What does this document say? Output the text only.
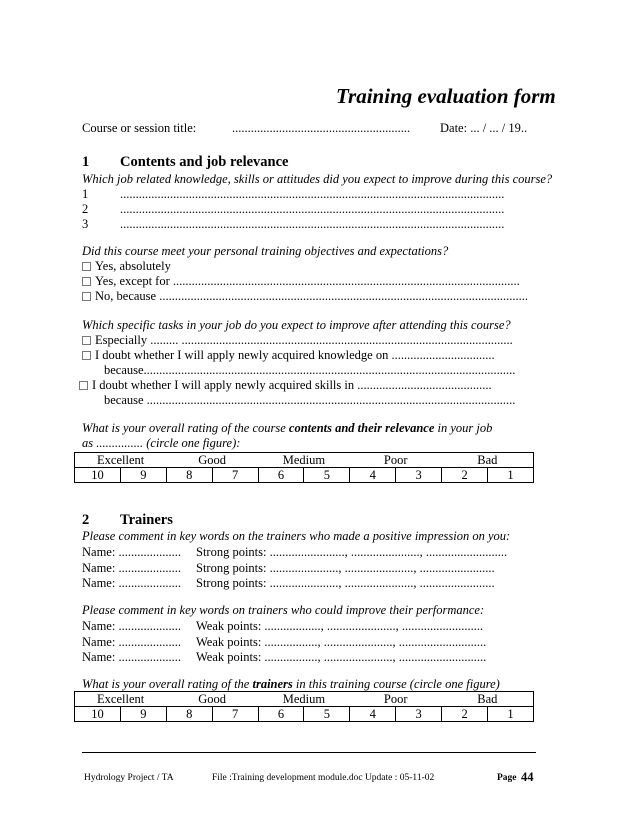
Training evaluation form
Course or session title:	......................................................... Date: ... / ... / 19..
1 Contents and job relevance
Which job related knowledge, skills or attitudes did you expect to improve during this course?
1	...........................................................................................................................
2	...........................................................................................................................
3	...........................................................................................................................
Did this course meet your personal training objectives and expectations?
Yes, absolutely
Yes, except for ...............................................................................................................
No, because ......................................................................................................................
Which specific tasks in your job do you expect to improve after attending this course?
Especially ......... ..........................................................................................................
I doubt whether I will apply newly acquired knowledge on .................................
because.......................................................................................................................
I doubt whether I will apply newly acquired skills in ...........................................
because ......................................................................................................................
What is your overall rating of the course contents and their relevance in your job
as ............... (circle one figure):
Excellent		Good		Medium		Poor		Bad	
10	9	8	7	6	5	4	3	2	1
2 Trainers
Please comment in key words on the trainers who made a positive impression on you:
Name: .................... Strong points: ........................, ......................, ..........................
Name: .................... Strong points: ......................, ......................, ........................
Name: .................... Strong points: ......................, ......................, ........................
Please comment in key words on trainers who could improve their performance:
Name: .................... Weak points: .................., ......................, ..........................
Name: .................... Weak points: ................., ......................, ............................
Name: .................... Weak points: ................., ......................, ............................
What is your overall rating of the trainers in this training course (circle one figure)
Excellent		Good		Medium		Poor		Bad	
10	9	8	7	6	5	4	3	2	1
Hydrology Project / TA	File :Training development module.doc Update : 05-11-02	Page 44
